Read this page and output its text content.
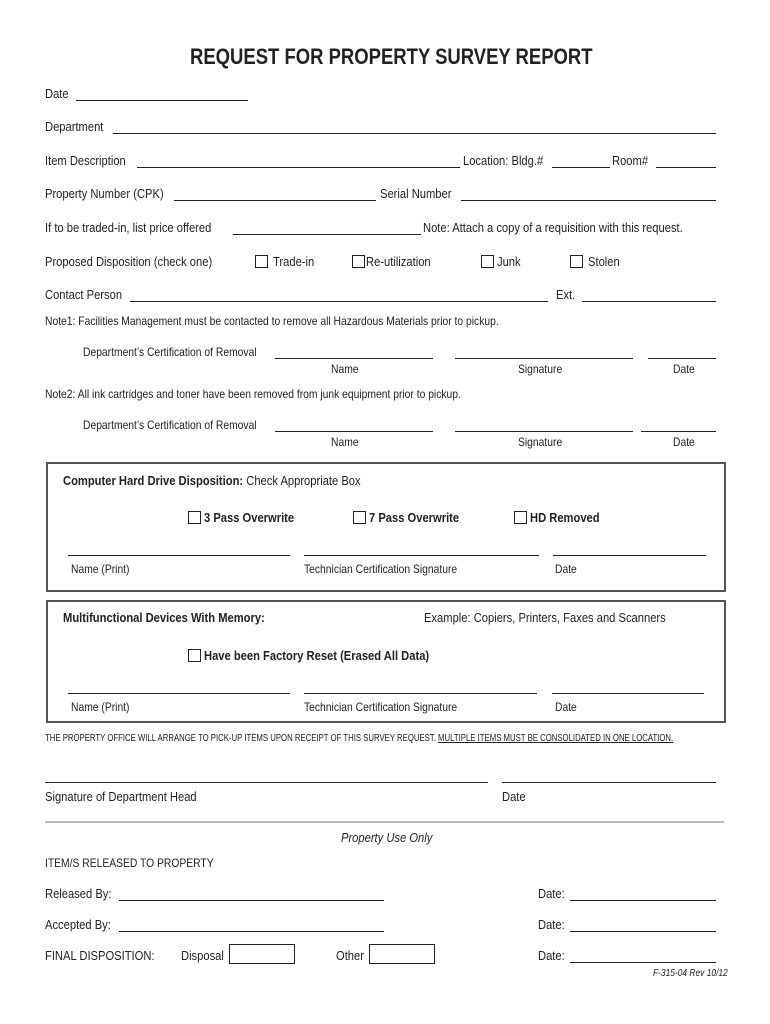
REQUEST FOR PROPERTY SURVEY REPORT
Date
Department
Item Description	Location: Bldg.#	Room#
Property Number (CPK)	Serial Number
If to be traded-in, list price offered	Note: Attach a copy of a requisition with this request.
Proposed Disposition (check one)	Trade-in	Re-utilization	Junk	Stolen
Contact Person	Ext.
Note1: Facilities Management must be contacted to remove all Hazardous Materials prior to pickup.
Department’s Certification of Removal
Name	Signature	Date
Note2: All ink cartridges and toner have been removed from junk equipment prior to pickup.
Department’s Certification of Removal
Name	Signature	Date
Computer Hard Drive Disposition: Check Appropriate Box
3 Pass Overwrite	7 Pass Overwrite	HD Removed
Name (Print)	Technician Certification Signature	Date
Multifunctional Devices With Memory:	Example: Copiers, Printers, Faxes and Scanners
Have been Factory Reset (Erased All Data)
Name (Print)	Technician Certification Signature	Date
THE PROPERTY OFFICE WILL ARRANGE TO PICK-UP ITEMS UPON RECEIPT OF THIS SURVEY REQUEST. MULTIPLE ITEMS MUST BE CONSOLIDATED IN ONE LOCATION.
Signature of Department Head	Date
Property Use Only
ITEM/S RELEASED TO PROPERTY
Released By:	Date:
Accepted By:	Date:
FINAL DISPOSITION: Disposal	Other	Date:
F-315-04 Rev 10/12
